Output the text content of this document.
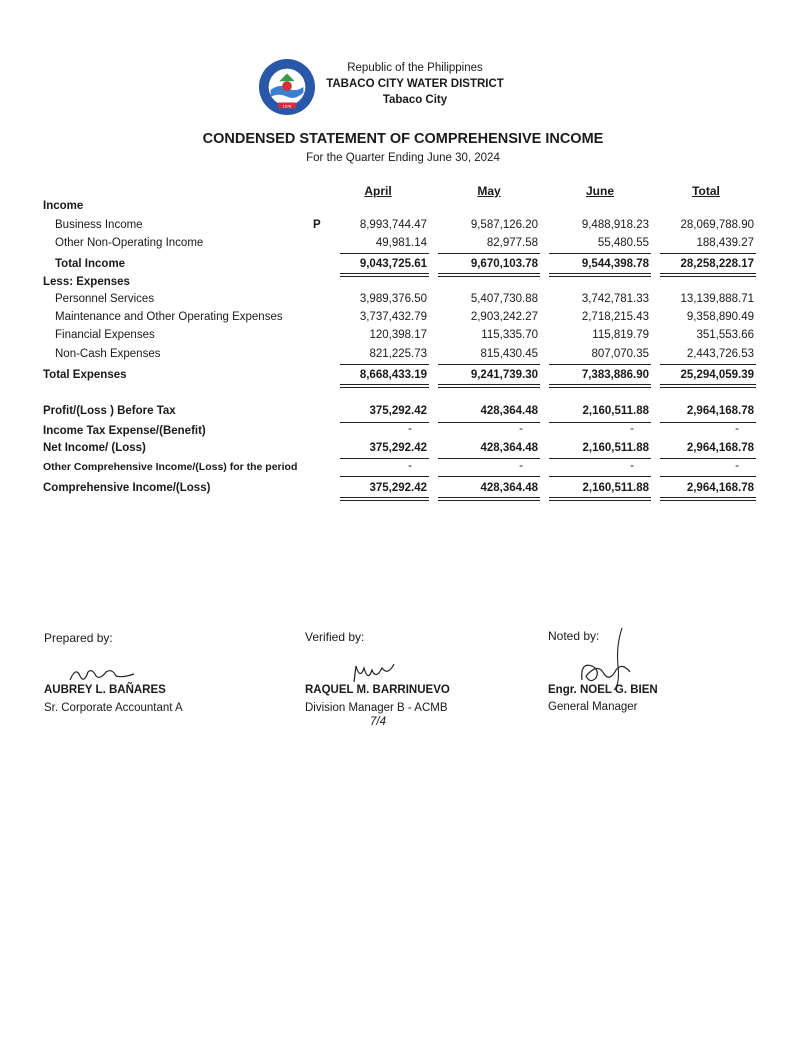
1978
Republic of the Philippines
TABACO CITY WATER DISTRICT
Tabaco City
CONDENSED STATEMENT OF COMPREHENSIVE INCOME
For the Quarter Ending June 30, 2024
April	May	June	Total
Income
Business Income	P	8,993,744.47	9,587,126.20	9,488,918.23	28,069,788.90
Other Non-Operating Income	49,981.14	82,977.58	55,480.55	188,439.27
Total Income	9,043,725.61	9,670,103.78	9,544,398.78	28,258,228.17
Less: Expenses
Personnel Services	3,989,376.50	5,407,730.88	3,742,781.33	13,139,888.71
Maintenance and Other Operating Expenses	3,737,432.79	2,903,242.27	2,718,215.43	9,358,890.49
Financial Expenses	120,398.17	115,335.70	115,819.79	351,553.66
Non-Cash Expenses	821,225.73	815,430.45	807,070.35	2,443,726.53
Total Expenses	8,668,433.19	9,241,739.30	7,383,886.90	25,294,059.39
Profit/(Loss ) Before Tax	375,292.42	428,364.48	2,160,511.88	2,964,168.78
Income Tax Expense/(Benefit)	-	-	-	-
Net Income/ (Loss)	375,292.42	428,364.48	2,160,511.88	2,964,168.78
Other Comprehensive Income/(Loss) for the period	-	-	-	-
Comprehensive Income/(Loss)	375,292.42	428,364.48	2,160,511.88	2,964,168.78
Prepared by:
AUBREY L. BAÑARES
Sr. Corporate Accountant A
Verified by:
RAQUEL M. BARRINUEVO
Division Manager B - ACMB
7/4
Noted by:
Engr. NOEL G. BIEN
General Manager
